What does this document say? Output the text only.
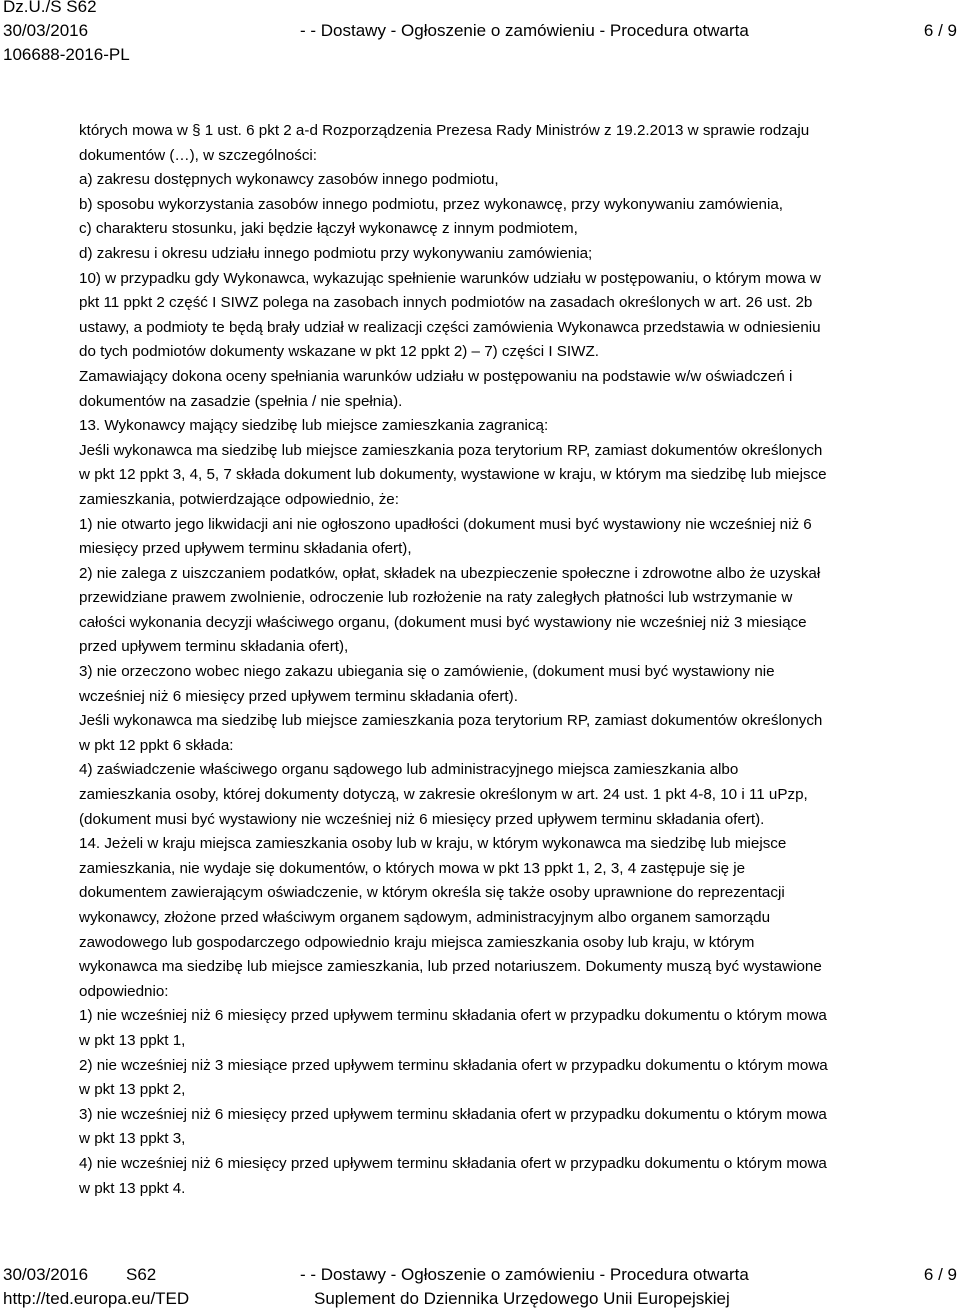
Dz.U./S S62
30/03/2016
106688-2016-PL
- - Dostawy - Ogłoszenie o zamówieniu - Procedura otwarta	6 / 9
których mowa w § 1 ust. 6 pkt 2 a-d Rozporządzenia Prezesa Rady Ministrów z 19.2.2013 w sprawie rodzaju
dokumentów (…), w szczególności:
a) zakresu dostępnych wykonawcy zasobów innego podmiotu,
b) sposobu wykorzystania zasobów innego podmiotu, przez wykonawcę, przy wykonywaniu zamówienia,
c) charakteru stosunku, jaki będzie łączył wykonawcę z innym podmiotem,
d) zakresu i okresu udziału innego podmiotu przy wykonywaniu zamówienia;
10) w przypadku gdy Wykonawca, wykazując spełnienie warunków udziału w postępowaniu, o którym mowa w
pkt 11 ppkt 2 część I SIWZ polega na zasobach innych podmiotów na zasadach określonych w art. 26 ust. 2b
ustawy, a podmioty te będą brały udział w realizacji części zamówienia Wykonawca przedstawia w odniesieniu
do tych podmiotów dokumenty wskazane w pkt 12 ppkt 2) – 7) części I SIWZ.
Zamawiający dokona oceny spełniania warunków udziału w postępowaniu na podstawie w/w oświadczeń i
dokumentów na zasadzie (spełnia / nie spełnia).
13. Wykonawcy mający siedzibę lub miejsce zamieszkania zagranicą:
Jeśli wykonawca ma siedzibę lub miejsce zamieszkania poza terytorium RP, zamiast dokumentów określonych
w pkt 12 ppkt 3, 4, 5, 7 składa dokument lub dokumenty, wystawione w kraju, w którym ma siedzibę lub miejsce
zamieszkania, potwierdzające odpowiednio, że:
1) nie otwarto jego likwidacji ani nie ogłoszono upadłości (dokument musi być wystawiony nie wcześniej niż 6
miesięcy przed upływem terminu składania ofert),
2) nie zalega z uiszczaniem podatków, opłat, składek na ubezpieczenie społeczne i zdrowotne albo że uzyskał
przewidziane prawem zwolnienie, odroczenie lub rozłożenie na raty zaległych płatności lub wstrzymanie w
całości wykonania decyzji właściwego organu, (dokument musi być wystawiony nie wcześniej niż 3 miesiące
przed upływem terminu składania ofert),
3) nie orzeczono wobec niego zakazu ubiegania się o zamówienie, (dokument musi być wystawiony nie
wcześniej niż 6 miesięcy przed upływem terminu składania ofert).
Jeśli wykonawca ma siedzibę lub miejsce zamieszkania poza terytorium RP, zamiast dokumentów określonych
w pkt 12 ppkt 6 składa:
4) zaświadczenie właściwego organu sądowego lub administracyjnego miejsca zamieszkania albo
zamieszkania osoby, której dokumenty dotyczą, w zakresie określonym w art. 24 ust. 1 pkt 4-8, 10 i 11 uPzp,
(dokument musi być wystawiony nie wcześniej niż 6 miesięcy przed upływem terminu składania ofert).
14. Jeżeli w kraju miejsca zamieszkania osoby lub w kraju, w którym wykonawca ma siedzibę lub miejsce
zamieszkania, nie wydaje się dokumentów, o których mowa w pkt 13 ppkt 1, 2, 3, 4 zastępuje się je
dokumentem zawierającym oświadczenie, w którym określa się także osoby uprawnione do reprezentacji
wykonawcy, złożone przed właściwym organem sądowym, administracyjnym albo organem samorządu
zawodowego lub gospodarczego odpowiednio kraju miejsca zamieszkania osoby lub kraju, w którym
wykonawca ma siedzibę lub miejsce zamieszkania, lub przed notariuszem. Dokumenty muszą być wystawione
odpowiednio:
1) nie wcześniej niż 6 miesięcy przed upływem terminu składania ofert w przypadku dokumentu o którym mowa
w pkt 13 ppkt 1,
2) nie wcześniej niż 3 miesiące przed upływem terminu składania ofert w przypadku dokumentu o którym mowa
w pkt 13 ppkt 2,
3) nie wcześniej niż 6 miesięcy przed upływem terminu składania ofert w przypadku dokumentu o którym mowa
w pkt 13 ppkt 3,
4) nie wcześniej niż 6 miesięcy przed upływem terminu składania ofert w przypadku dokumentu o którym mowa
w pkt 13 ppkt 4.
30/03/2016 S62
http://ted.europa.eu/TED
- - Dostawy - Ogłoszenie o zamówieniu - Procedura otwarta
Suplement do Dziennika Urzędowego Unii Europejskiej
6 / 9
